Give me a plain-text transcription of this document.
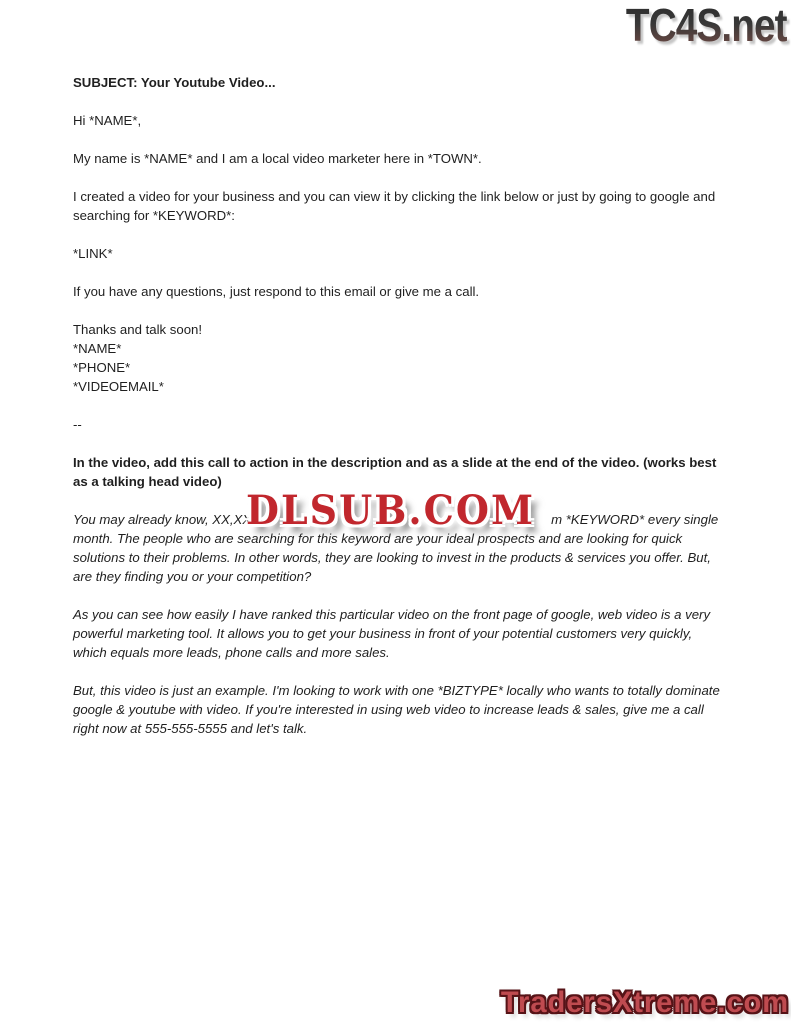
TC4S.net

SUBJECT: Your Youtube Video...

Hi *NAME*,

My name is *NAME* and I am a local video marketer here in *TOWN*.

I created a video for your business and you can view it by clicking the link below or just by going to google and searching for *KEYWORD*:

*LINK*

If you have any questions, just respond to this email or give me a call.

Thanks and talk soon!
*NAME*
*PHONE*
*VIDEOEMAIL*

--

In the video, add this call to action in the description and as a slide at the end of the video. (works best as a talking head video)

You may already know, XX,XX	m *KEYWORD* every single
month. The people who are searching for this keyword are your ideal prospects and are looking for quick solutions to their problems. In other words, they are looking to invest in the products & services you offer. But, are they finding you or your competition?

As you can see how easily I have ranked this particular video on the front page of google, web video is a very powerful marketing tool. It allows you to get your business in front of your potential customers very quickly, which equals more leads, phone calls and more sales.

But, this video is just an example. I'm looking to work with one *BIZTYPE* locally who wants to totally dominate google & youtube with video. If you're interested in using web video to increase leads & sales, give me a call right now at 555-555-5555 and let's talk.

DLSUB.COM
TradersXtreme.com
